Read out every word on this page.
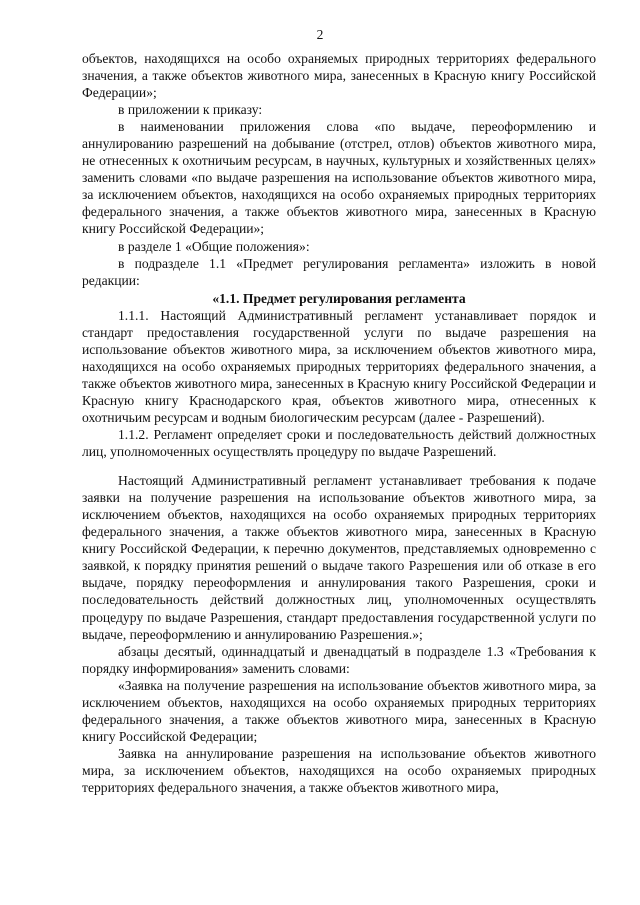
2

объектов, находящихся на особо охраняемых природных территориях федерального значения, а также объектов животного мира, занесенных в Красную книгу Российской Федерации»;

в приложении к приказу:

в наименовании приложения слова «по выдаче, переоформлению и аннулированию разрешений на добывание (отстрел, отлов) объектов животного мира, не отнесенных к охотничьим ресурсам, в научных, культурных и хозяйственных целях» заменить словами «по выдаче разрешения на использование объектов животного мира, за исключением объектов, находящихся на особо охраняемых природных территориях федерального значения, а также объектов животного мира, занесенных в Красную книгу Российской Федерации»;

в разделе 1 «Общие положения»:

в подразделе 1.1 «Предмет регулирования регламента» изложить в новой редакции:

«1.1. Предмет регулирования регламента

1.1.1. Настоящий Административный регламент устанавливает порядок и стандарт предоставления государственной услуги по выдаче разрешения на использование объектов животного мира, за исключением объектов животного мира, находящихся на особо охраняемых природных территориях федерального значения, а также объектов животного мира, занесенных в Красную книгу Российской Федерации и Красную книгу Краснодарского края, объектов животного мира, отнесенных к охотничьим ресурсам и водным биологическим ресурсам (далее - Разрешений).

1.1.2. Регламент определяет сроки и последовательность действий должностных лиц, уполномоченных осуществлять процедуру по выдаче Разрешений.

Настоящий Административный регламент устанавливает требования к подаче заявки на получение разрешения на использование объектов животного мира, за исключением объектов, находящихся на особо охраняемых природных территориях федерального значения, а также объектов животного мира, занесенных в Красную книгу Российской Федерации, к перечню документов, представляемых одновременно с заявкой, к порядку принятия решений о выдаче такого Разрешения или об отказе в его выдаче, порядку переоформления и аннулирования такого Разрешения, сроки и последовательность действий должностных лиц, уполномоченных осуществлять процедуру по выдаче Разрешения, стандарт предоставления государственной услуги по выдаче, переоформлению и аннулированию Разрешения.»;

абзацы десятый, одиннадцатый и двенадцатый в подразделе 1.3 «Требования к порядку информирования» заменить словами:

«Заявка на получение разрешения на использование объектов животного мира, за исключением объектов, находящихся на особо охраняемых природных территориях федерального значения, а также объектов животного мира, занесенных в Красную книгу Российской Федерации;

Заявка на аннулирование разрешения на использование объектов животного мира, за исключением объектов, находящихся на особо охраняемых природных территориях федерального значения, а также объектов животного мира,
